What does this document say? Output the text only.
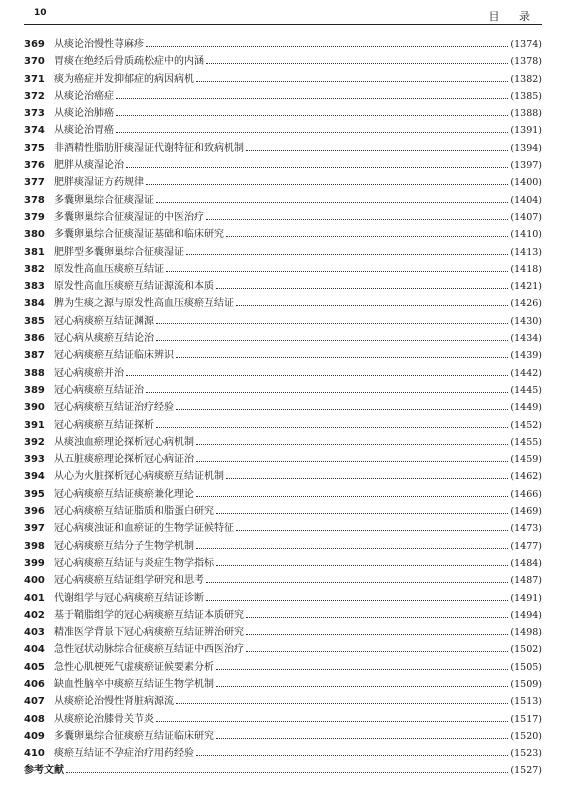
10	目 录
369 从痰论治慢性荨麻疹	(1374)
370 胃痰在绝经后骨质疏松症中的内涵	(1378)
371 痰为癌症并发抑郁症的病因病机	(1382)
372 从痰论治癌症	(1385)
373 从痰论治肺癌	(1388)
374 从痰论治胃癌	(1391)
375 非酒精性脂肪肝痰湿证代谢特征和致病机制	(1394)
376 肥胖从痰湿论治	(1397)
377 肥胖痰湿证方药规律	(1400)
378 多囊卵巢综合征痰湿证	(1404)
379 多囊卵巢综合征痰湿证的中医治疗	(1407)
380 多囊卵巢综合征痰湿证基础和临床研究	(1410)
381 肥胖型多囊卵巢综合征痰湿证	(1413)
382 原发性高血压痰瘀互结证	(1418)
383 原发性高血压痰瘀互结证源流和本质	(1421)
384 脾为生痰之源与原发性高血压痰瘀互结证	(1426)
385 冠心病痰瘀互结证渊源	(1430)
386 冠心病从痰瘀互结论治	(1434)
387 冠心病痰瘀互结证临床辨识	(1439)
388 冠心病痰瘀并治	(1442)
389 冠心病痰瘀互结证治	(1445)
390 冠心病痰瘀互结证治疗经验	(1449)
391 冠心病痰瘀互结证探析	(1452)
392 从痰浊血瘀理论探析冠心病机制	(1455)
393 从五脏痰瘀理论探析冠心病证治	(1459)
394 从心为火脏探析冠心病痰瘀互结证机制	(1462)
395 冠心病痰瘀互结证痰瘀兼化理论	(1466)
396 冠心病痰瘀互结证脂质和脂蛋白研究	(1469)
397 冠心病痰浊证和血瘀证的生物学证候特征	(1473)
398 冠心病痰瘀互结分子生物学机制	(1477)
399 冠心病痰瘀互结证与炎症生物学指标	(1484)
400 冠心病痰瘀互结证组学研究和思考	(1487)
401 代谢组学与冠心病痰瘀互结证诊断	(1491)
402 基于鞘脂组学的冠心病痰瘀互结证本质研究	(1494)
403 精准医学背景下冠心病痰瘀互结证辨治研究	(1498)
404 急性冠状动脉综合征痰瘀互结证中西医治疗	(1502)
405 急性心肌梗死气虚痰瘀证候要素分析	(1505)
406 缺血性脑卒中痰瘀互结证生物学机制	(1509)
407 从痰瘀论治慢性肾脏病源流	(1513)
408 从痰瘀论治膝骨关节炎	(1517)
409 多囊卵巢综合征痰瘀互结证临床研究	(1520)
410 痰瘀互结证不孕症治疗用药经验	(1523)
参考文献	(1527)
